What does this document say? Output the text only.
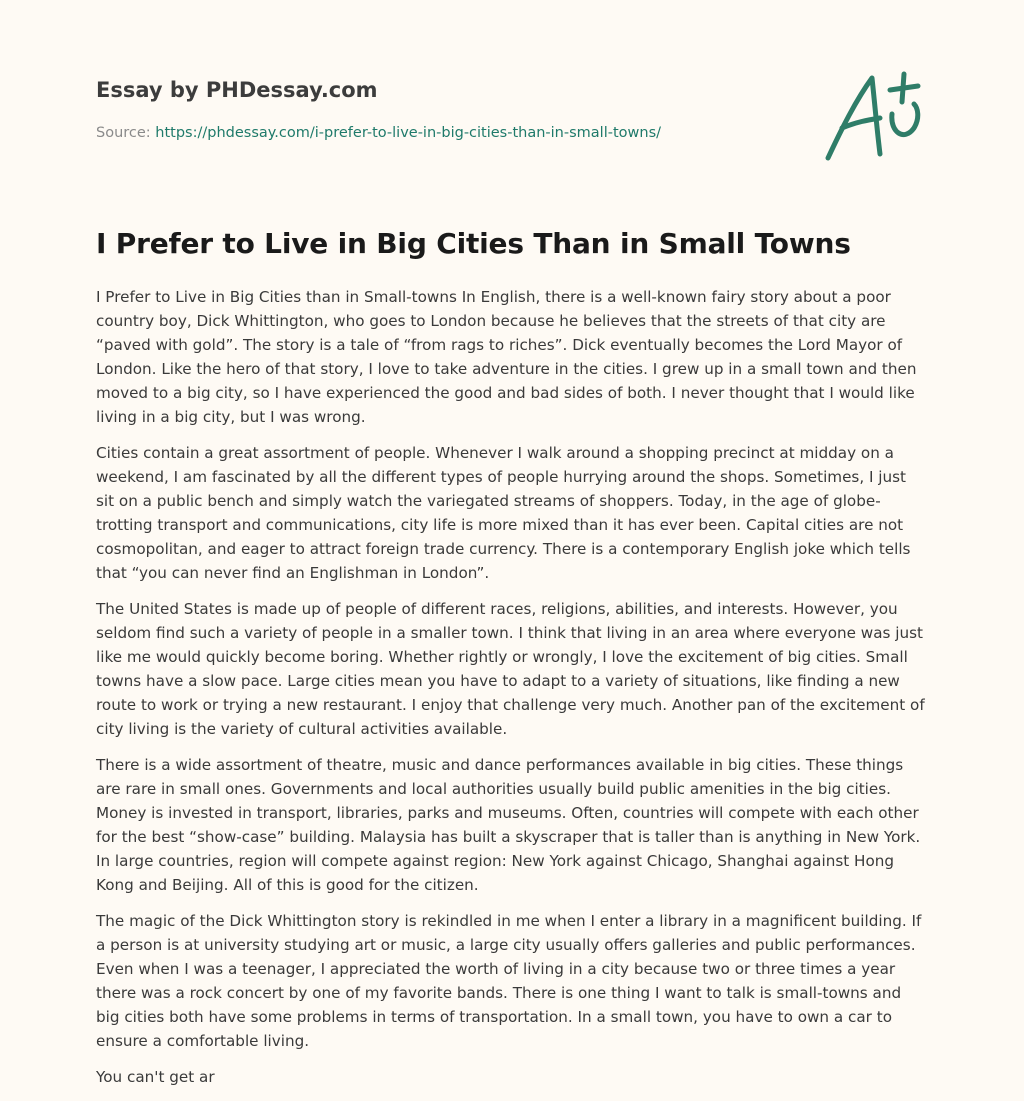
Essay by PHDessay.com
Source: https://phdessay.com/i-prefer-to-live-in-big-cities-than-in-small-towns/
I Prefer to Live in Big Cities Than in Small Towns

I Prefer to Live in Big Cities than in Small-towns In English, there is a well-known fairy story about a poor country boy, Dick Whittington, who goes to London because he believes that the streets of that city are “paved with gold”. The story is a tale of “from rags to riches”. Dick eventually becomes the Lord Mayor of London. Like the hero of that story, I love to take adventure in the cities. I grew up in a small town and then moved to a big city, so I have experienced the good and bad sides of both. I never thought that I would like living in a big city, but I was wrong.

Cities contain a great assortment of people. Whenever I walk around a shopping precinct at midday on a weekend, I am fascinated by all the different types of people hurrying around the shops. Sometimes, I just sit on a public bench and simply watch the variegated streams of shoppers. Today, in the age of globe-trotting transport and communications, city life is more mixed than it has ever been. Capital cities are not cosmopolitan, and eager to attract foreign trade currency. There is a contemporary English joke which tells that “you can never find an Englishman in London”.

The United States is made up of people of different races, religions, abilities, and interests. However, you seldom find such a variety of people in a smaller town. I think that living in an area where everyone was just like me would quickly become boring. Whether rightly or wrongly, I love the excitement of big cities. Small towns have a slow pace. Large cities mean you have to adapt to a variety of situations, like finding a new route to work or trying a new restaurant. I enjoy that challenge very much. Another pan of the excitement of city living is the variety of cultural activities available.

There is a wide assortment of theatre, music and dance performances available in big cities. These things are rare in small ones. Governments and local authorities usually build public amenities in the big cities. Money is invested in transport, libraries, parks and museums. Often, countries will compete with each other for the best “show-case” building. Malaysia has built a skyscraper that is taller than is anything in New York. In large countries, region will compete against region: New York against Chicago, Shanghai against Hong Kong and Beijing. All of this is good for the citizen.

The magic of the Dick Whittington story is rekindled in me when I enter a library in a magnificent building. If a person is at university studying art or music, a large city usually offers galleries and public performances. Even when I was a teenager, I appreciated the worth of living in a city because two or three times a year there was a rock concert by one of my favorite bands. There is one thing I want to talk is small-towns and big cities both have some problems in terms of transportation. In a small town, you have to own a car to ensure a comfortable living.

You can't get ar
